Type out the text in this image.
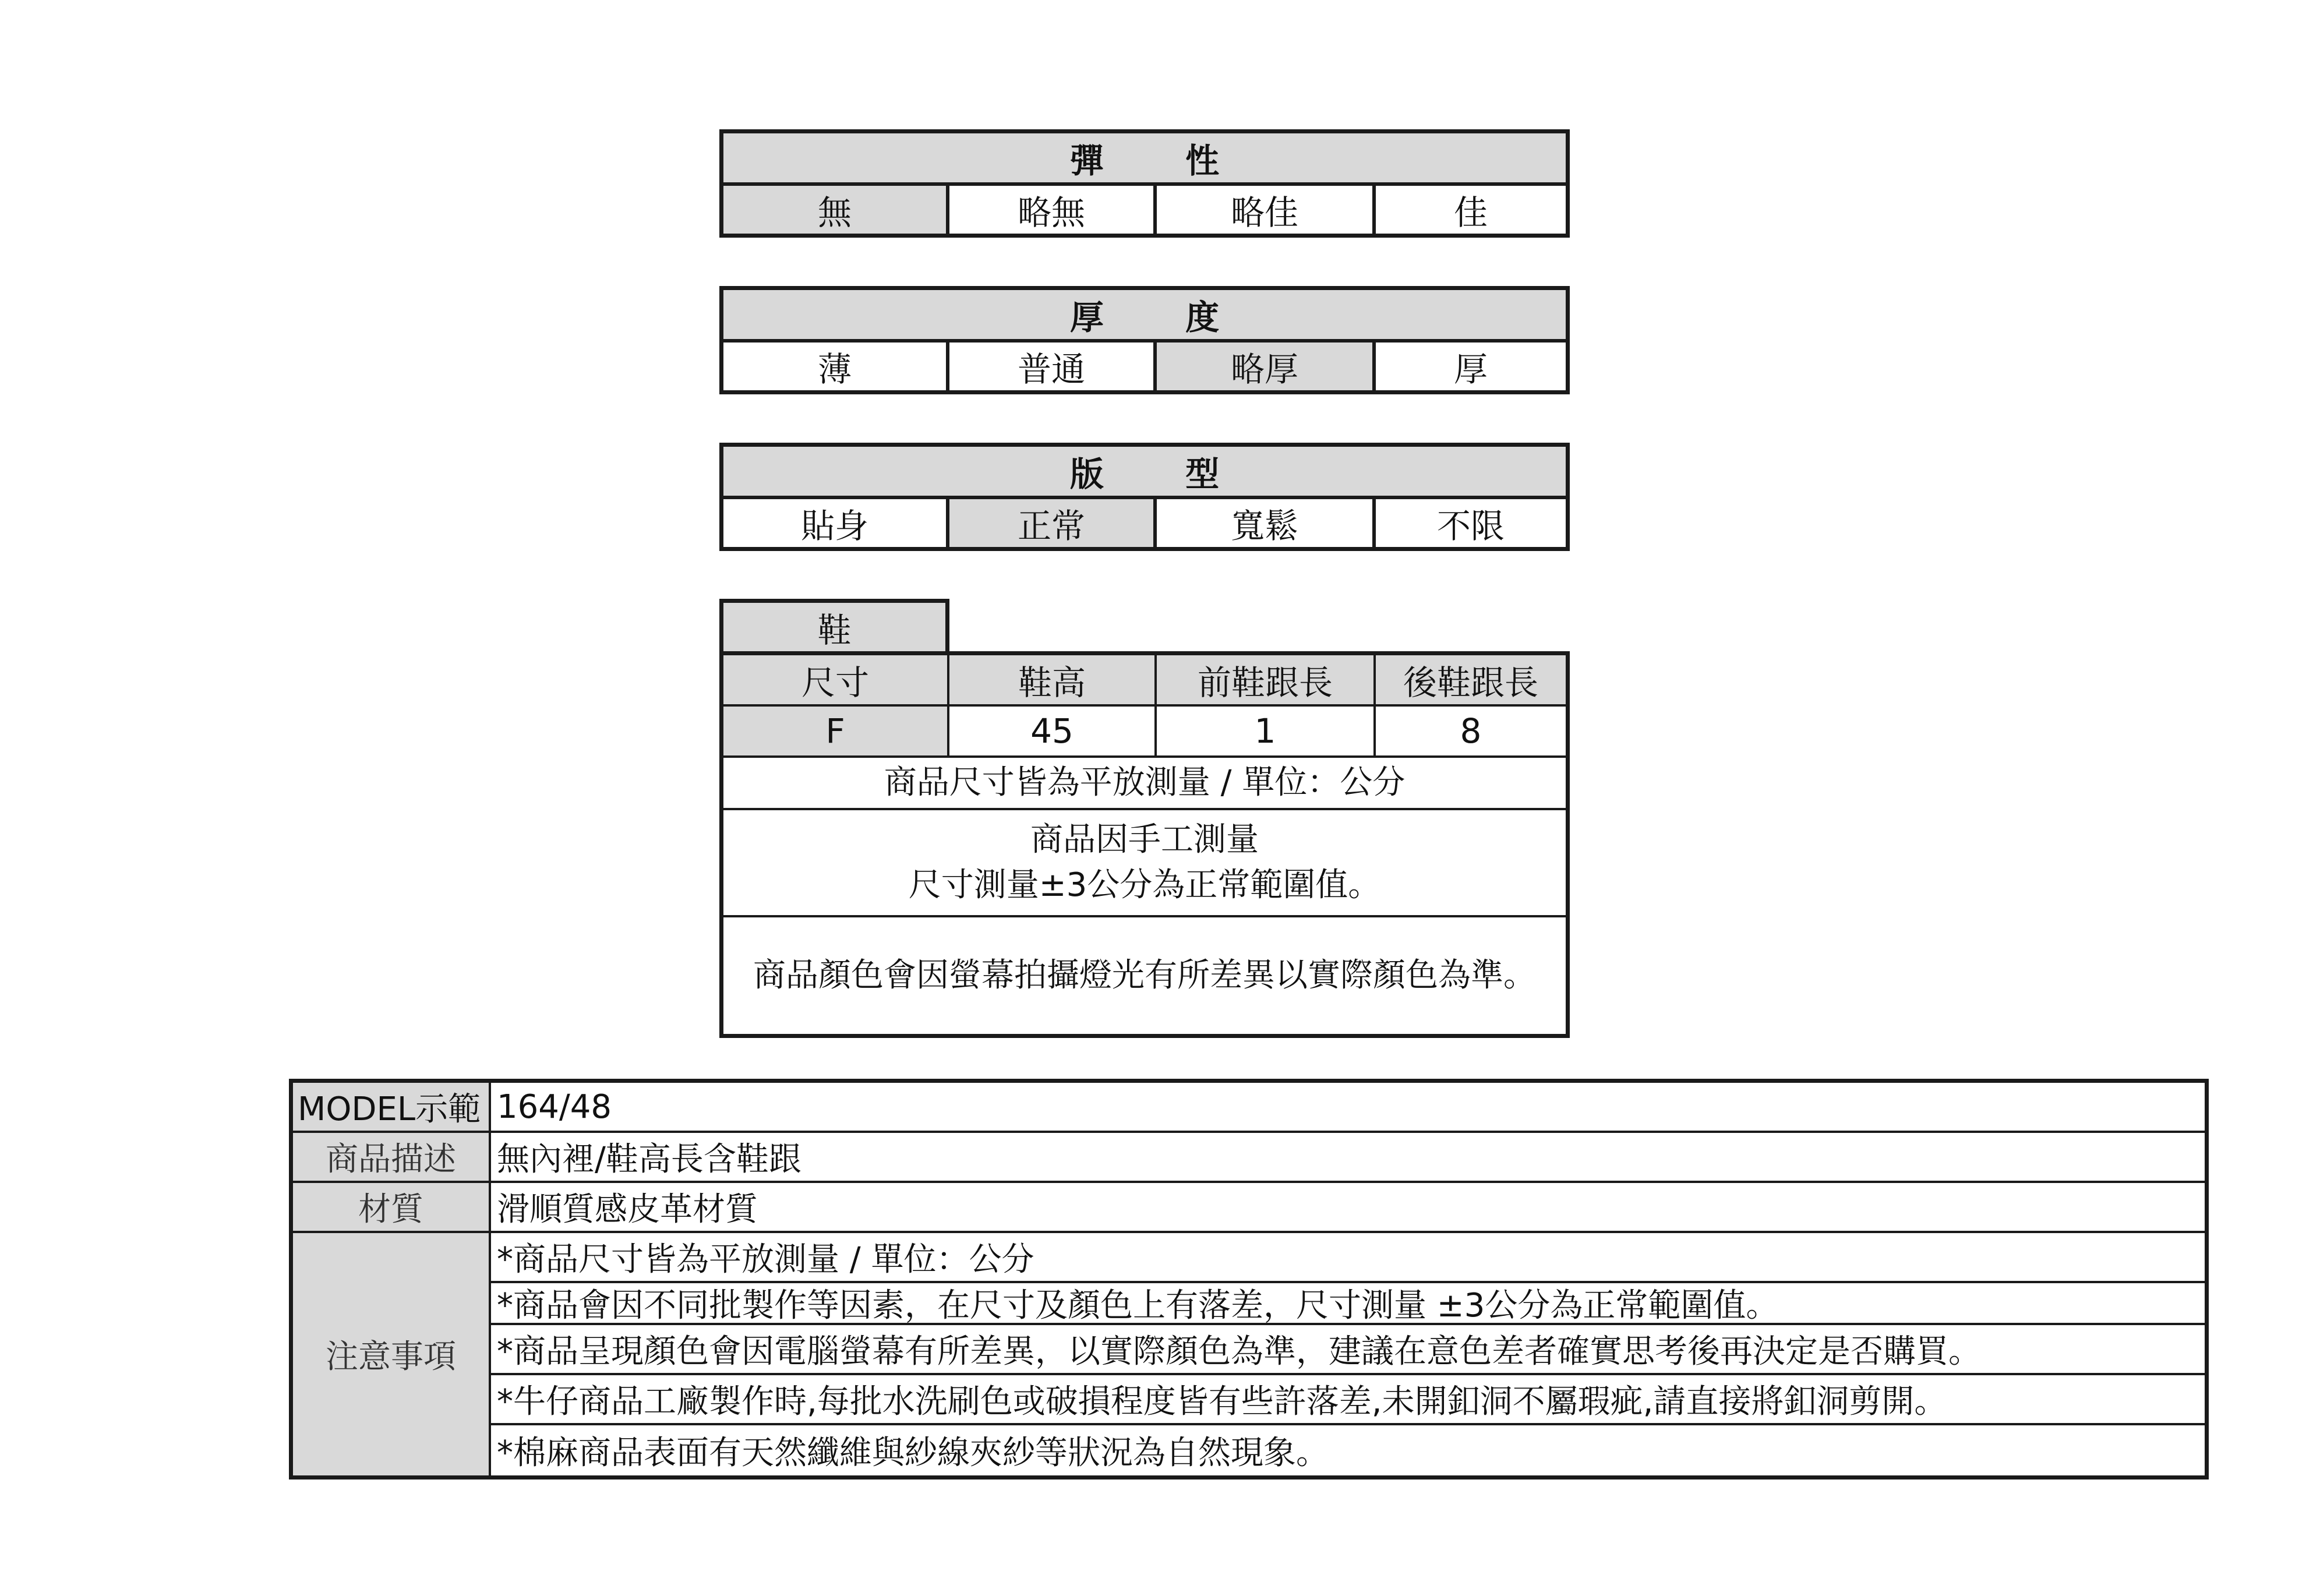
彈 性
無	略無	略佳	佳
厚 度
薄	普通	略厚	厚
版 型
貼身	正常	寬鬆	不限
鞋
尺寸	鞋高	前鞋跟長	後鞋跟長
F	45	1	8
商品尺寸皆為平放測量 / 單位：公分
商品因手工測量
尺寸測量±3公分為正常範圍值。
商品顏色會因螢幕拍攝燈光有所差異以實際顏色為準。
MODEL示範 164/48
商品描述	無內裡/鞋高長含鞋跟
材質	滑順質感皮革材質
注意事項
*商品尺寸皆為平放測量 / 單位：公分
*商品會因不同批製作等因素，在尺寸及顏色上有落差，尺寸測量 ±3公分為正常範圍值。
*商品呈現顏色會因電腦螢幕有所差異，以實際顏色為準，建議在意色差者確實思考後再決定是否購買。
*牛仔商品工廠製作時,每批水洗刷色或破損程度皆有些許落差,未開釦洞不屬瑕疵,請直接將釦洞剪開。
*棉麻商品表面有天然纖維與紗線夾紗等狀況為自然現象。
